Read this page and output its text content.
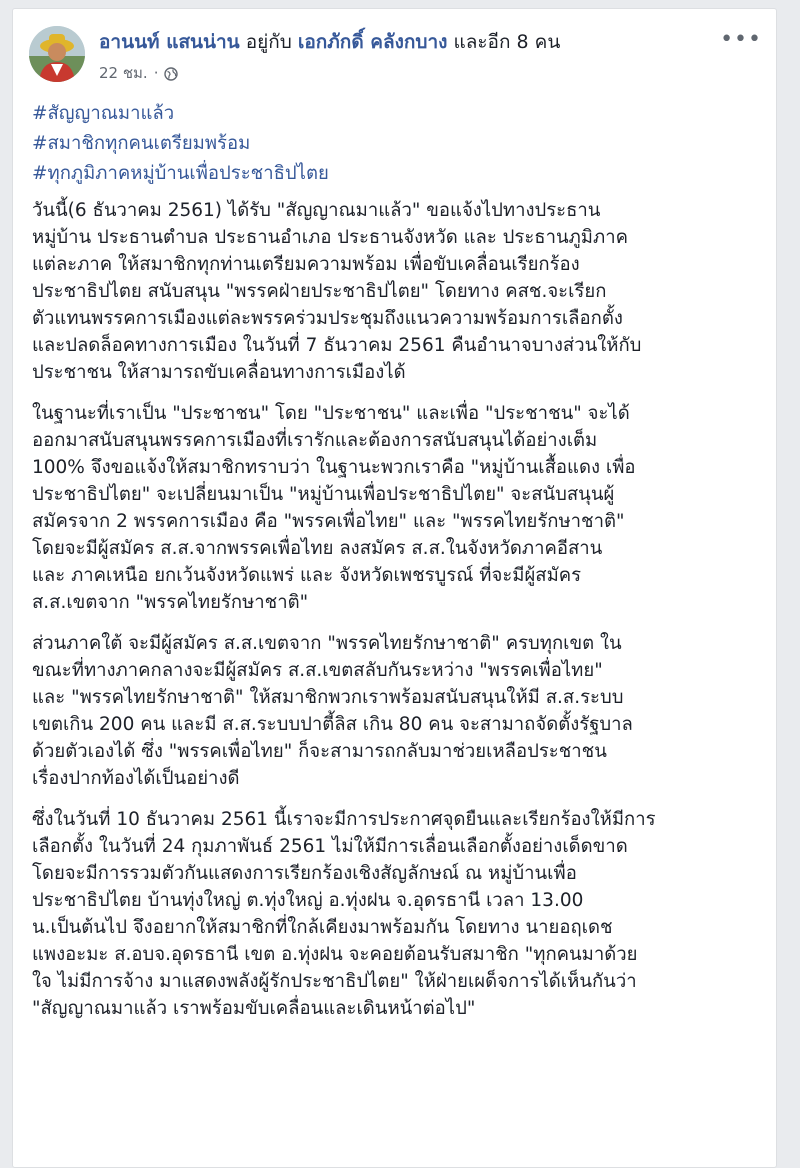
อานนท์ แสนน่าน อยู่กับ เอกภักดิ์ คลังกบาง และอีก 8 คน
22 ชม. ·
•••
#สัญญาณมาแล้ว
#สมาชิกทุกคนเตรียมพร้อม
#ทุกภูมิภาคหมู่บ้านเพื่อประชาธิปไตย

วันนี้(6 ธันวาคม 2561) ได้รับ "สัญญาณมาแล้ว" ขอแจ้งไปทางประธาน
หมู่บ้าน ประธานตำบล ประธานอำเภอ ประธานจังหวัด และ ประธานภูมิภาค
แต่ละภาค ให้สมาชิกทุกท่านเตรียมความพร้อม เพื่อขับเคลื่อนเรียกร้อง
ประชาธิปไตย สนับสนุน "พรรคฝ่ายประชาธิปไตย" โดยทาง คสช.จะเรียก
ตัวแทนพรรคการเมืองแต่ละพรรคร่วมประชุมถึงแนวความพร้อมการเลือกตั้ง
และปลดล็อคทางการเมือง ในวันที่ 7 ธันวาคม 2561 คืนอำนาจบางส่วนให้กับ
ประชาชน ให้สามารถขับเคลื่อนทางการเมืองได้

ในฐานะที่เราเป็น "ประชาชน" โดย "ประชาชน" และเพื่อ "ประชาชน" จะได้
ออกมาสนับสนุนพรรคการเมืองที่เรารักและต้องการสนับสนุนได้อย่างเต็ม
100% จึงขอแจ้งให้สมาชิกทราบว่า ในฐานะพวกเราคือ "หมู่บ้านเสื้อแดง เพื่อ
ประชาธิปไตย" จะเปลี่ยนมาเป็น "หมู่บ้านเพื่อประชาธิปไตย" จะสนับสนุนผู้
สมัครจาก 2 พรรคการเมือง คือ "พรรคเพื่อไทย" และ "พรรคไทยรักษาชาติ"
โดยจะมีผู้สมัคร ส.ส.จากพรรคเพื่อไทย ลงสมัคร ส.ส.ในจังหวัดภาคอีสาน
และ ภาคเหนือ ยกเว้นจังหวัดแพร่ และ จังหวัดเพชรบูรณ์ ที่จะมีผู้สมัคร
ส.ส.เขตจาก "พรรคไทยรักษาชาติ"

ส่วนภาคใต้ จะมีผู้สมัคร ส.ส.เขตจาก "พรรคไทยรักษาชาติ" ครบทุกเขต ใน
ขณะที่ทางภาคกลางจะมีผู้สมัคร ส.ส.เขตสลับกันระหว่าง "พรรคเพื่อไทย"
และ "พรรคไทยรักษาชาติ" ให้สมาชิกพวกเราพร้อมสนับสนุนให้มี ส.ส.ระบบ
เขตเกิน 200 คน และมี ส.ส.ระบบปาตี้ลิส เกิน 80 คน จะสามาถจัดตั้งรัฐบาล
ด้วยตัวเองได้ ซึ่ง "พรรคเพื่อไทย" ก็จะสามารถกลับมาช่วยเหลือประชาชน
เรื่องปากท้องได้เป็นอย่างดี

ซึ่งในวันที่ 10 ธันวาคม 2561 นี้เราจะมีการประกาศจุดยืนและเรียกร้องให้มีการ
เลือกตั้ง ในวันที่ 24 กุมภาพันธ์ 2561 ไม่ให้มีการเลื่อนเลือกตั้งอย่างเด็ดขาด
โดยจะมีการรวมตัวกันแสดงการเรียกร้องเชิงสัญลักษณ์ ณ หมู่บ้านเพื่อ
ประชาธิปไตย บ้านทุ่งใหญ่ ต.ทุ่งใหญ่ อ.ทุ่งฝน จ.อุดรธานี เวลา 13.00
น.เป็นต้นไป จึงอยากให้สมาชิกที่ใกล้เคียงมาพร้อมกัน โดยทาง นายอฤเดช
แพงอะมะ ส.อบจ.อุดรธานี เขต อ.ทุ่งฝน จะคอยต้อนรับสมาชิก "ทุกคนมาด้วย
ใจ ไม่มีการจ้าง มาแสดงพลังผู้รักประชาธิปไตย" ให้ฝ่ายเผด็จการได้เห็นกันว่า
"สัญญาณมาแล้ว เราพร้อมขับเคลื่อนและเดินหน้าต่อไป"
